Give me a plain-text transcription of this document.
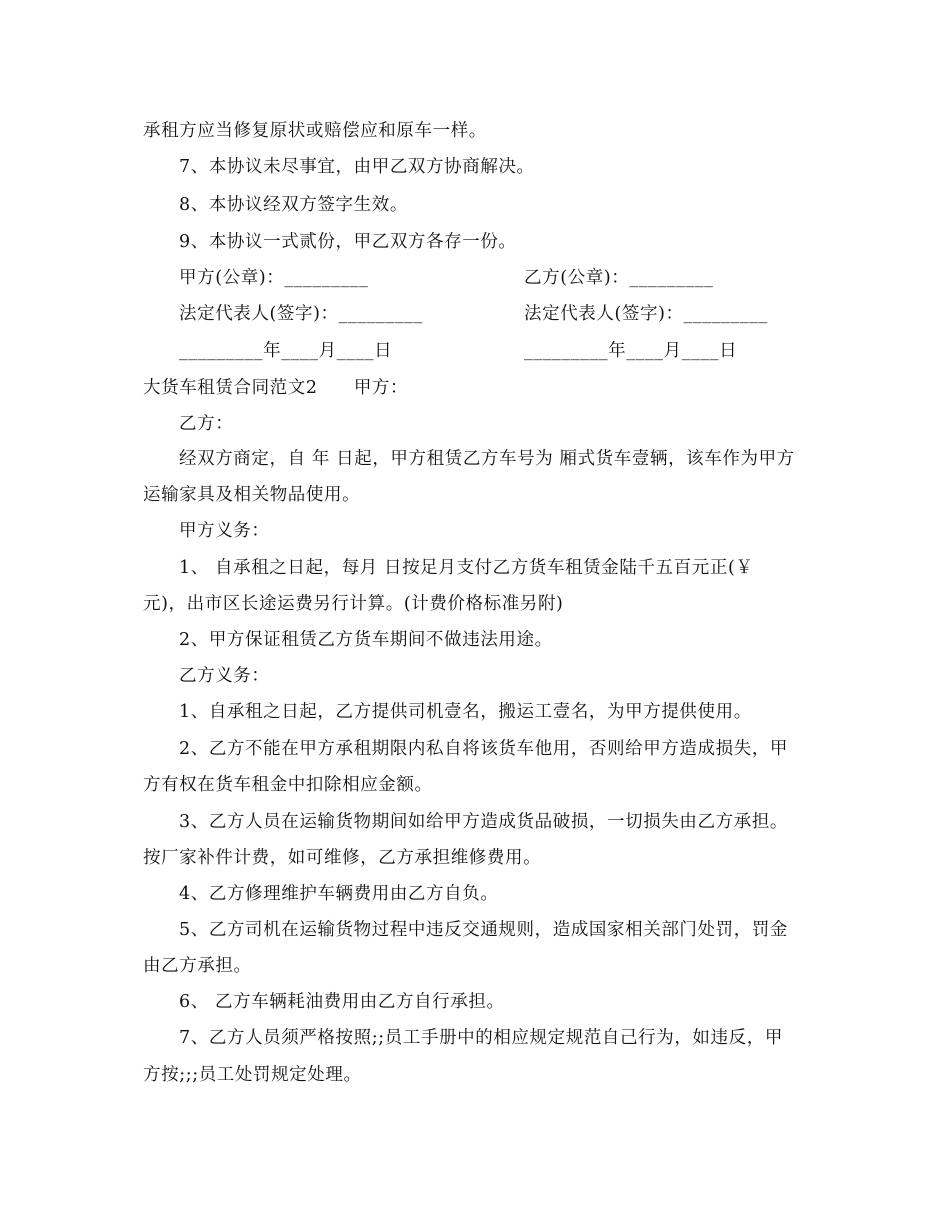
承租方应当修复原状或赔偿应和原车一样。
7、本协议未尽事宜，由甲乙双方协商解决。
8、本协议经双方签字生效。
9、本协议一式贰份，甲乙双方各存一份。
甲方(公章)：_________	乙方(公章)：_________
法定代表人(签字)：_________	法定代表人(签字)：_________
_________年____月____日	_________年____月____日
大货车租赁合同范文2　　甲方：
乙方：
经双方商定，自 年 日起，甲方租赁乙方车号为 厢式货车壹辆，该车作为甲方
运输家具及相关物品使用。
甲方义务：
1、 自承租之日起，每月 日按足月支付乙方货车租赁金陆千五百元正(￥
元)，出市区长途运费另行计算。(计费价格标准另附)
2、甲方保证租赁乙方货车期间不做违法用途。
乙方义务：
1、自承租之日起，乙方提供司机壹名，搬运工壹名，为甲方提供使用。
2、乙方不能在甲方承租期限内私自将该货车他用，否则给甲方造成损失，甲
方有权在货车租金中扣除相应金额。
3、乙方人员在运输货物期间如给甲方造成货品破损，一切损失由乙方承担。
按厂家补件计费，如可维修，乙方承担维修费用。
4、乙方修理维护车辆费用由乙方自负。
5、乙方司机在运输货物过程中违反交通规则，造成国家相关部门处罚，罚金
由乙方承担。
6、 乙方车辆耗油费用由乙方自行承担。
7、乙方人员须严格按照;;员工手册中的相应规定规范自己行为，如违反，甲
方按;;;员工处罚规定处理。
